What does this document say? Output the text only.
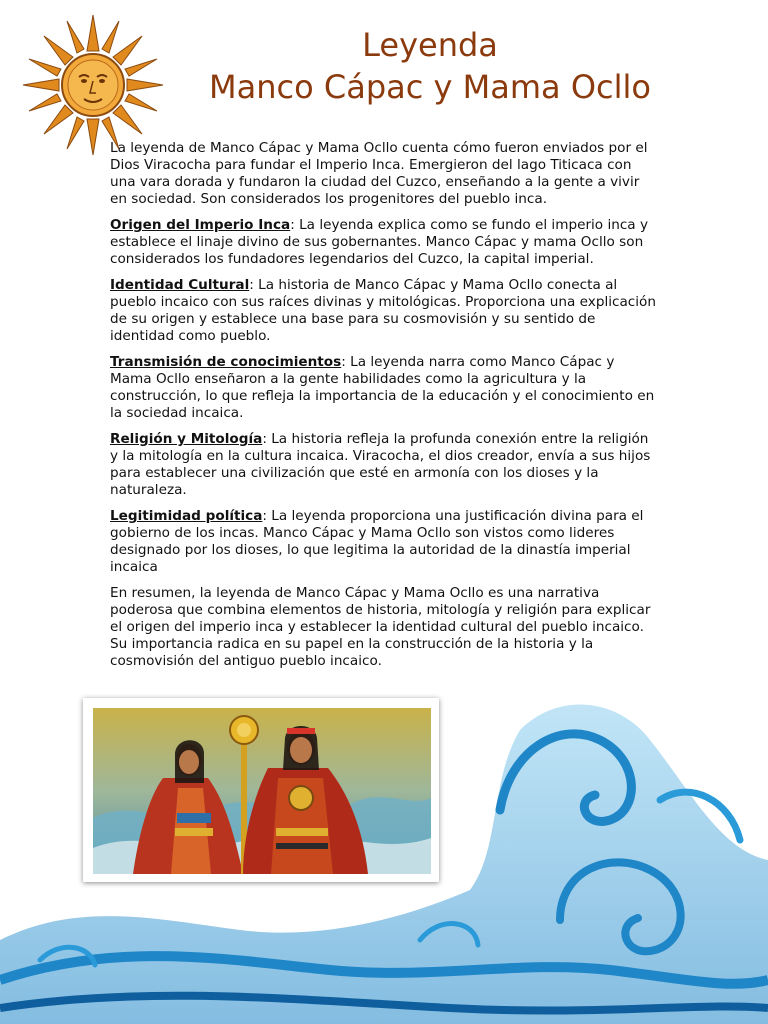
Leyenda
Manco Cápac y Mama Ocllo

La leyenda de Manco Cápac y Mama Ocllo cuenta cómo fueron enviados por el Dios Viracocha para fundar el Imperio Inca. Emergieron del lago Titicaca con una vara dorada y fundaron la ciudad del Cuzco, enseñando a la gente a vivir en sociedad. Son considerados los progenitores del pueblo inca.

Origen del Imperio Inca: La leyenda explica como se fundo el imperio inca y establece el linaje divino de sus gobernantes. Manco Cápac y mama Ocllo son considerados los fundadores legendarios del Cuzco, la capital imperial.

Identidad Cultural: La historia de Manco Cápac y Mama Ocllo conecta al pueblo incaico con sus raíces divinas y mitológicas. Proporciona una explicación de su origen y establece una base para su cosmovisión y su sentido de identidad como pueblo.

Transmisión de conocimientos: La leyenda narra como Manco Cápac y Mama Ocllo enseñaron a la gente habilidades como la agricultura y la construcción, lo que refleja la importancia de la educación y el conocimiento en la sociedad incaica.

Religión y Mitología: La historia refleja la profunda conexión entre la religión y la mitología en la cultura incaica. Viracocha, el dios creador, envía a sus hijos para establecer una civilización que esté en armonía con los dioses y la naturaleza.

Legitimidad política: La leyenda proporciona una justificación divina para el gobierno de los incas. Manco Cápac y Mama Ocllo son vistos como lideres designado por los dioses, lo que legitima la autoridad de la dinastía imperial incaica

En resumen, la leyenda de Manco Cápac y Mama Ocllo es una narrativa poderosa que combina elementos de historia, mitología y religión para explicar el origen del imperio inca y establecer la identidad cultural del pueblo incaico. Su importancia radica en su papel en la construcción de la historia y la cosmovisión del antiguo pueblo incaico.
